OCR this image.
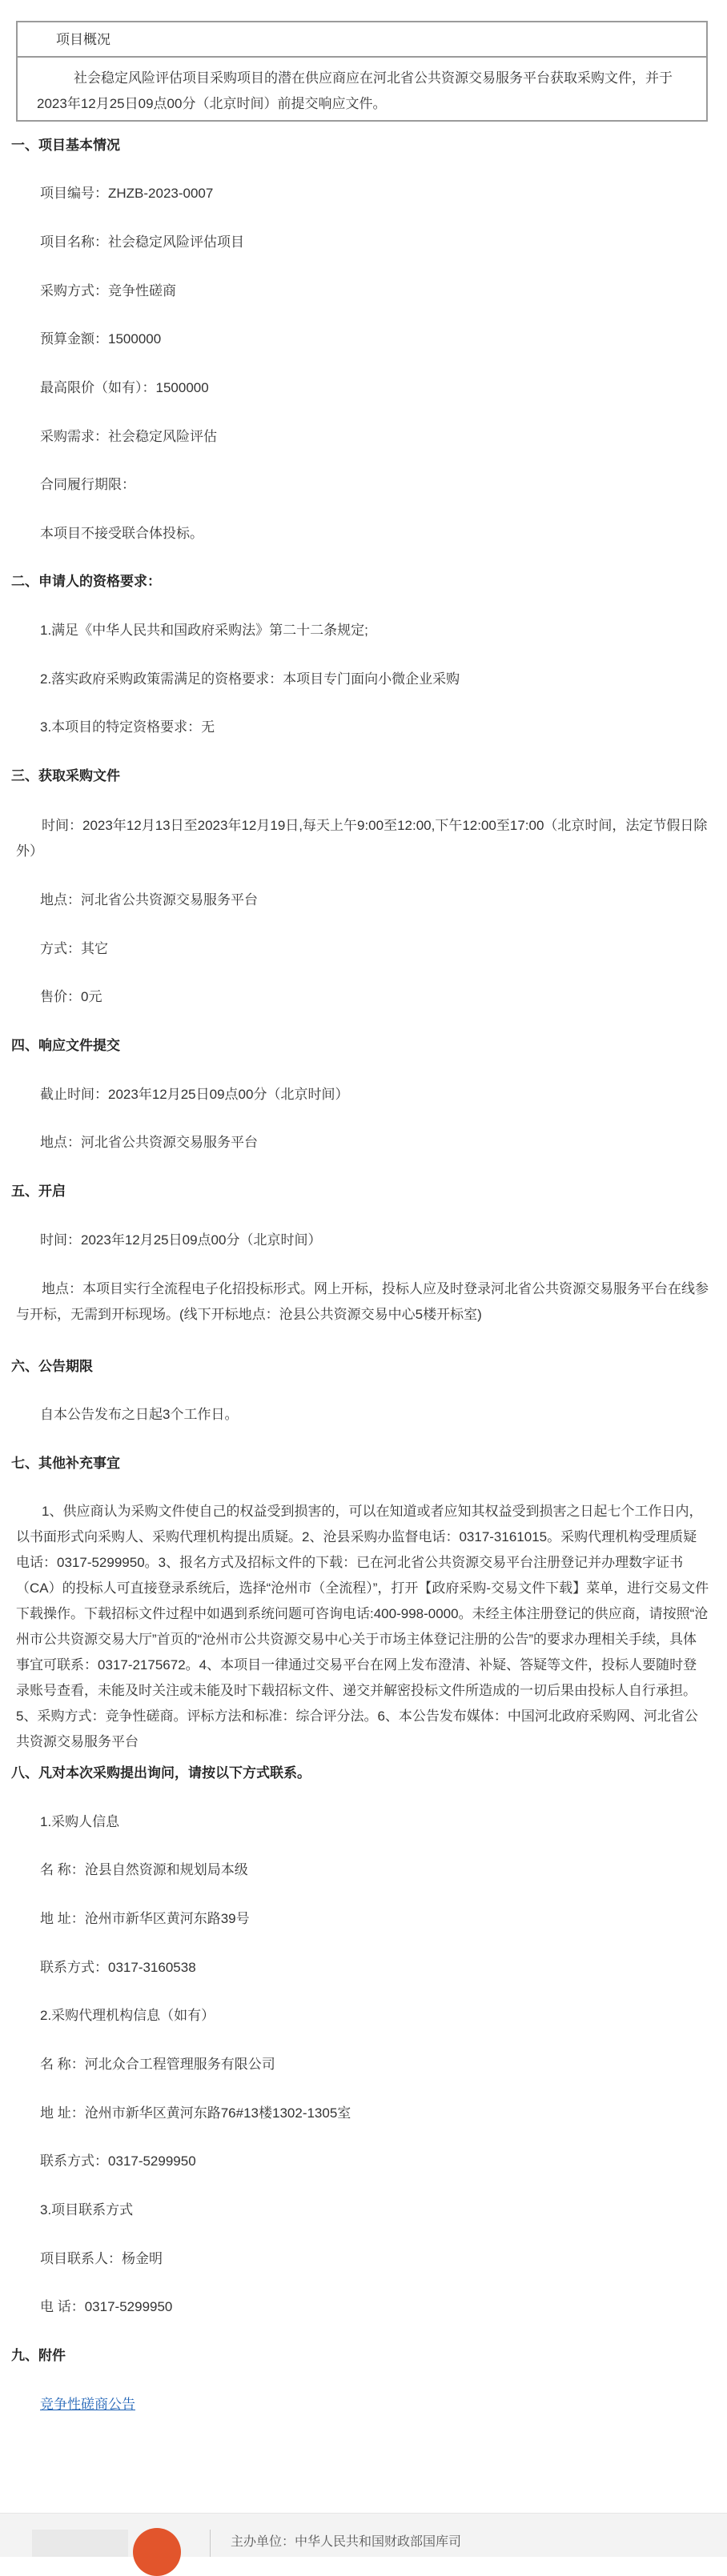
项目概况
社会稳定风险评估项目采购项目的潜在供应商应在河北省公共资源交易服务平台获取采购文件，并于2023年12月25日09点00分（北京时间）前提交响应文件。
一、项目基本情况
项目编号：ZHZB-2023-0007
项目名称：社会稳定风险评估项目
采购方式：竞争性磋商
预算金额：1500000
最高限价（如有）：1500000
采购需求：社会稳定风险评估
合同履行期限：
本项目不接受联合体投标。
二、申请人的资格要求：
1.满足《中华人民共和国政府采购法》第二十二条规定;
2.落实政府采购政策需满足的资格要求：本项目专门面向小微企业采购
3.本项目的特定资格要求：无
三、获取采购文件
时间：2023年12月13日至2023年12月19日,每天上午9:00至12:00,下午12:00至17:00（北京时间，法定节假日除外）
地点：河北省公共资源交易服务平台
方式：其它
售价：0元
四、响应文件提交
截止时间：2023年12月25日09点00分（北京时间）
地点：河北省公共资源交易服务平台
五、开启
时间：2023年12月25日09点00分（北京时间）
地点：本项目实行全流程电子化招投标形式。网上开标，投标人应及时登录河北省公共资源交易服务平台在线参与开标，无需到开标现场。(线下开标地点：沧县公共资源交易中心5楼开标室)
六、公告期限
自本公告发布之日起3个工作日。
七、其他补充事宜
1、供应商认为采购文件使自己的权益受到损害的，可以在知道或者应知其权益受到损害之日起七个工作日内，以书面形式向采购人、采购代理机构提出质疑。2、沧县采购办监督电话：0317-3161015。采购代理机构受理质疑电话：0317-5299950。3、报名方式及招标文件的下载：已在河北省公共资源交易平台注册登记并办理数字证书（CA）的投标人可直接登录系统后，选择“沧州市（全流程）”，打开【政府采购-交易文件下载】菜单，进行交易文件下载操作。下载招标文件过程中如遇到系统问题可咨询电话:400-998-0000。未经主体注册登记的供应商，请按照“沧州市公共资源交易大厅”首页的“沧州市公共资源交易中心关于市场主体登记注册的公告”的要求办理相关手续，具体事宜可联系：0317-2175672。4、本项目一律通过交易平台在网上发布澄清、补疑、答疑等文件，投标人要随时登录账号查看，未能及时关注或未能及时下载招标文件、递交并解密投标文件所造成的一切后果由投标人自行承担。5、采购方式：竞争性磋商。评标方法和标准：综合评分法。6、本公告发布媒体：中国河北政府采购网、河北省公共资源交易服务平台
八、凡对本次采购提出询问，请按以下方式联系。
1.采购人信息
名 称：沧县自然资源和规划局本级
地 址：沧州市新华区黄河东路39号
联系方式：0317-3160538
2.采购代理机构信息（如有）
名 称：河北众合工程管理服务有限公司
地 址：沧州市新华区黄河东路76#13楼1302-1305室
联系方式：0317-5299950
3.项目联系方式
项目联系人：杨金明
电 话：0317-5299950
九、附件
竞争性磋商公告
主办单位：中华人民共和国财政部国库司
